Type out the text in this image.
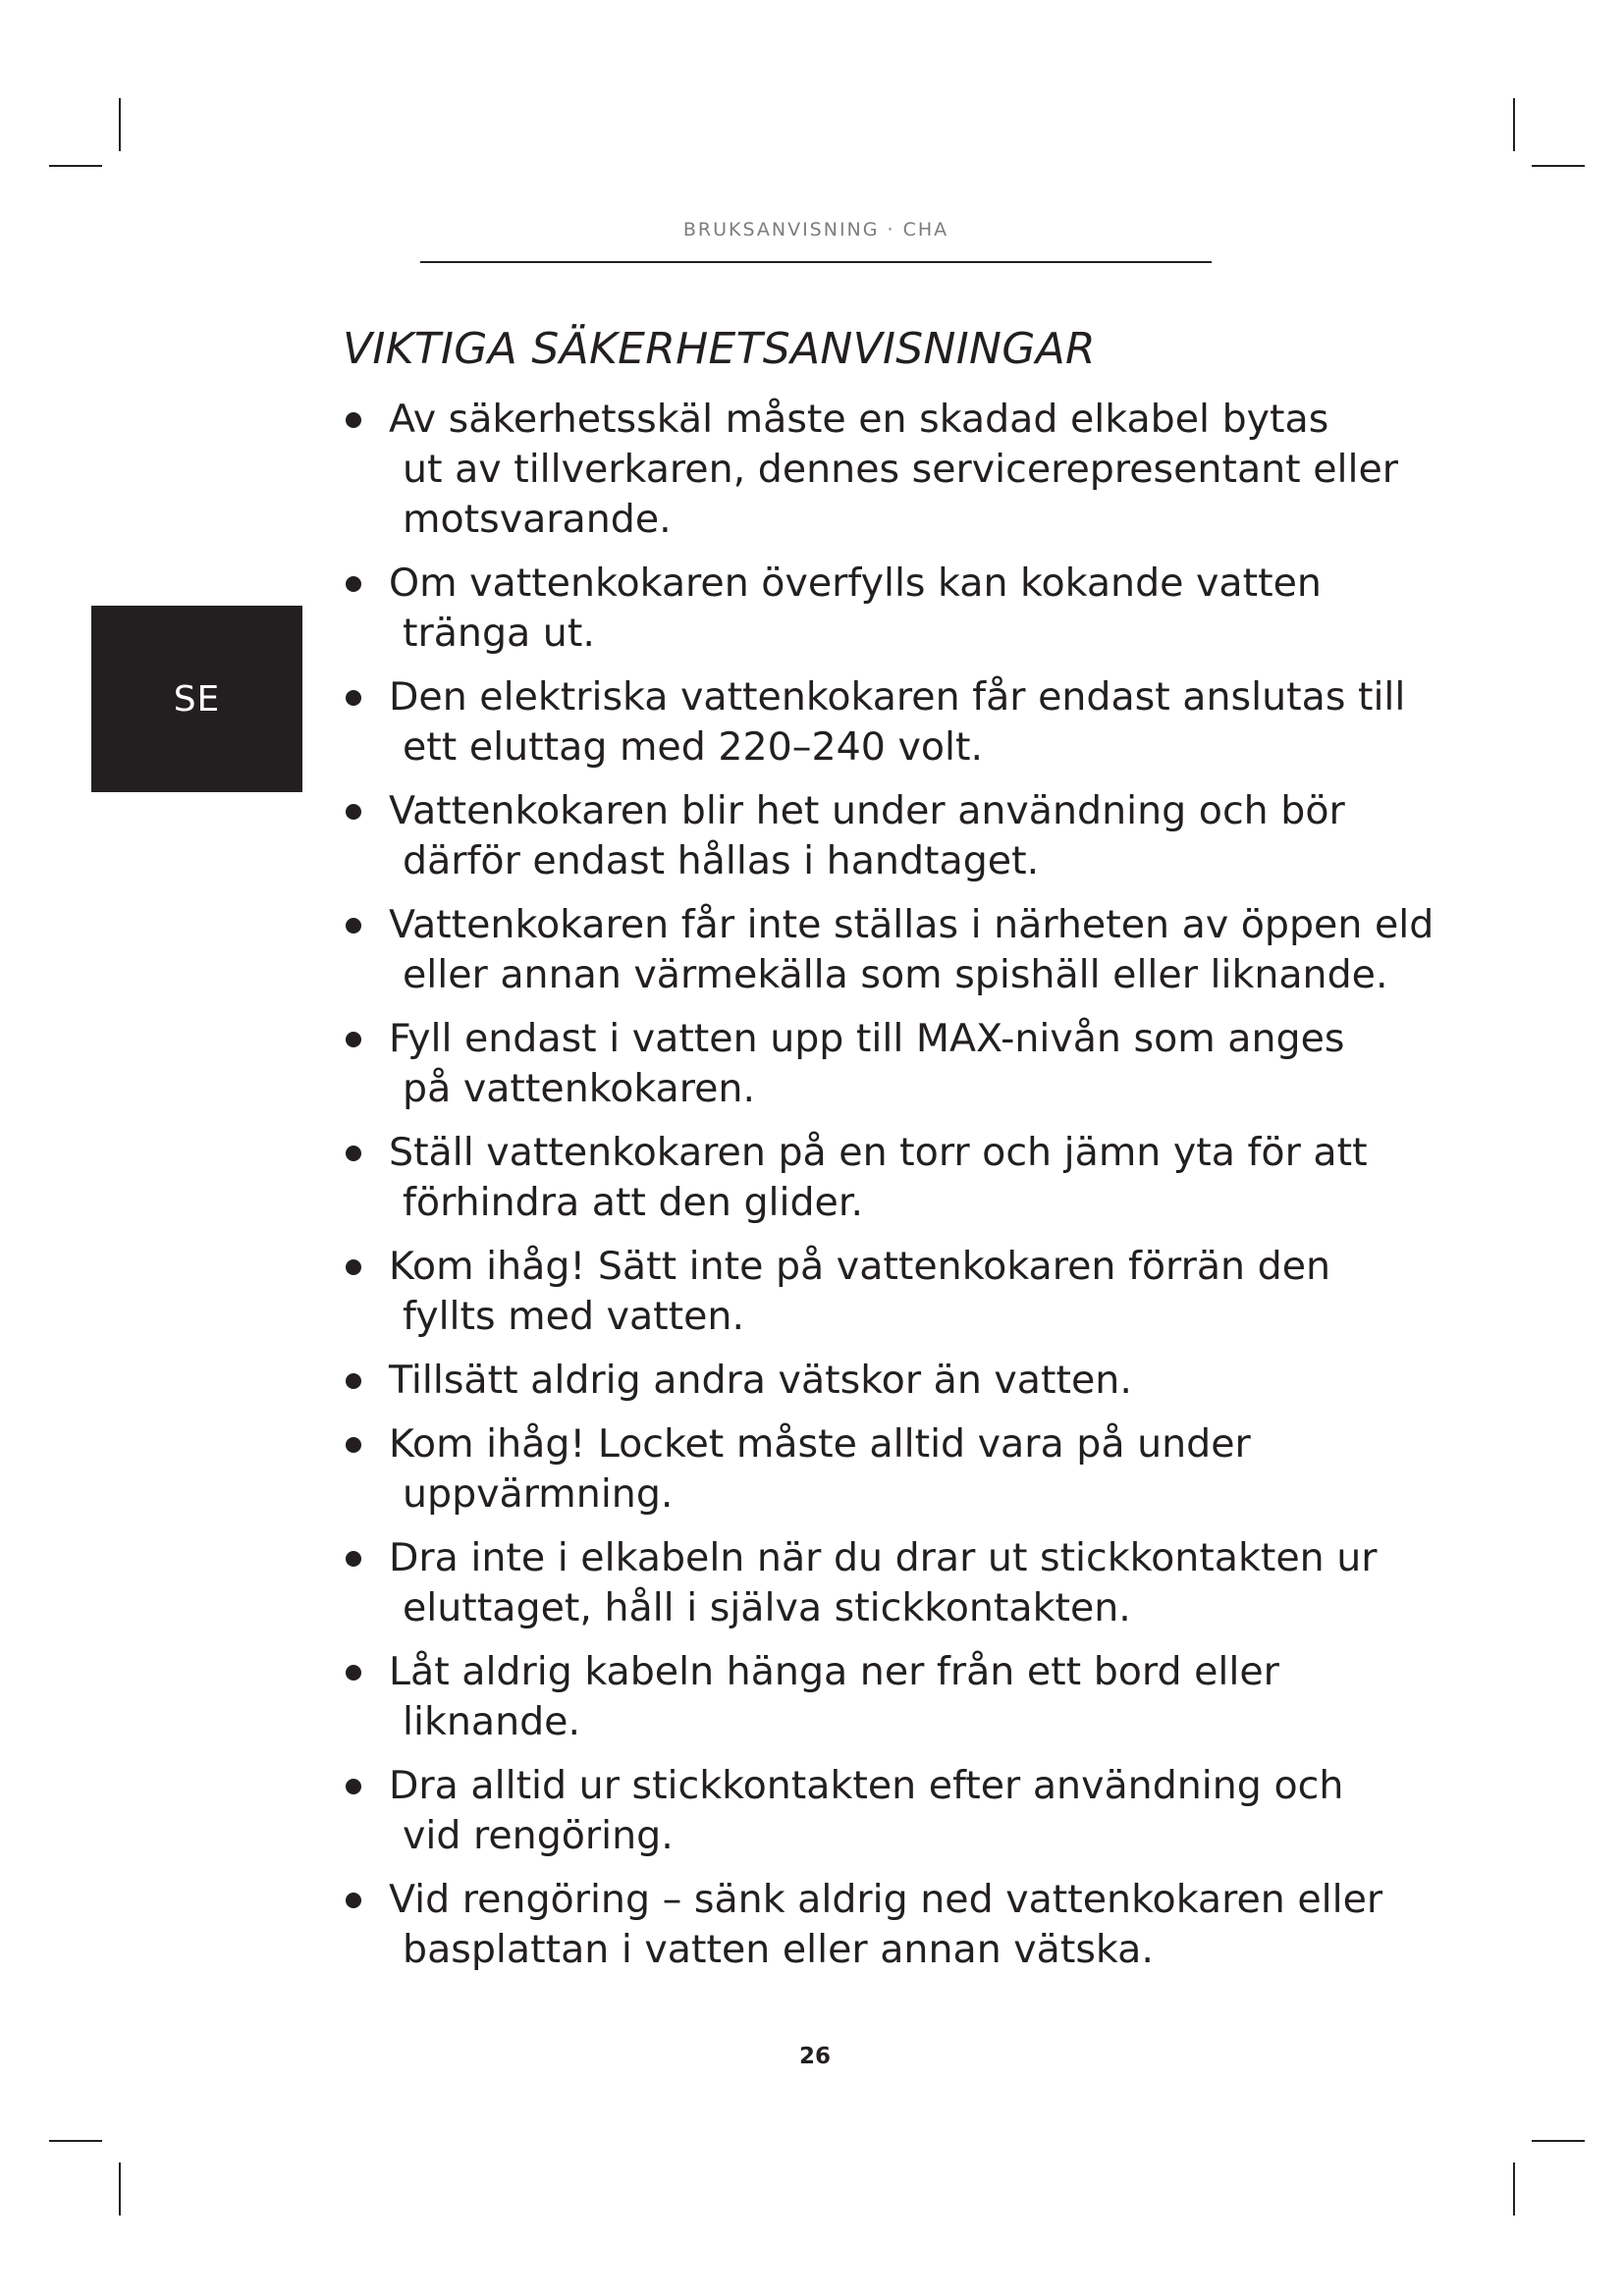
BRUKSANVISNING · CHA
SE
VIKTIGA SÄKERHETSANVISNINGAR
Av säkerhetsskäl måste en skadad elkabel bytas
ut av tillverkaren, dennes servicerepresentant eller motsvarande.
Om vattenkokaren överfylls kan kokande vatten
tränga ut.
Den elektriska vattenkokaren får endast anslutas till
ett eluttag med 220–240 volt.
Vattenkokaren blir het under användning och bör
därför endast hållas i handtaget.
Vattenkokaren får inte ställas i närheten av öppen eld
eller annan värmekälla som spishäll eller liknande.
Fyll endast i vatten upp till MAX-nivån som anges
på vattenkokaren.
Ställ vattenkokaren på en torr och jämn yta för att
förhindra att den glider.
Kom ihåg! Sätt inte på vattenkokaren förrän den
fyllts med vatten.
Tillsätt aldrig andra vätskor än vatten.
Kom ihåg! Locket måste alltid vara på under
uppvärmning.
Dra inte i elkabeln när du drar ut stickkontakten ur
eluttaget, håll i själva stickkontakten.
Låt aldrig kabeln hänga ner från ett bord eller
liknande.
Dra alltid ur stickkontakten efter användning och
vid rengöring.
Vid rengöring – sänk aldrig ned vattenkokaren eller
basplattan i vatten eller annan vätska.
26
